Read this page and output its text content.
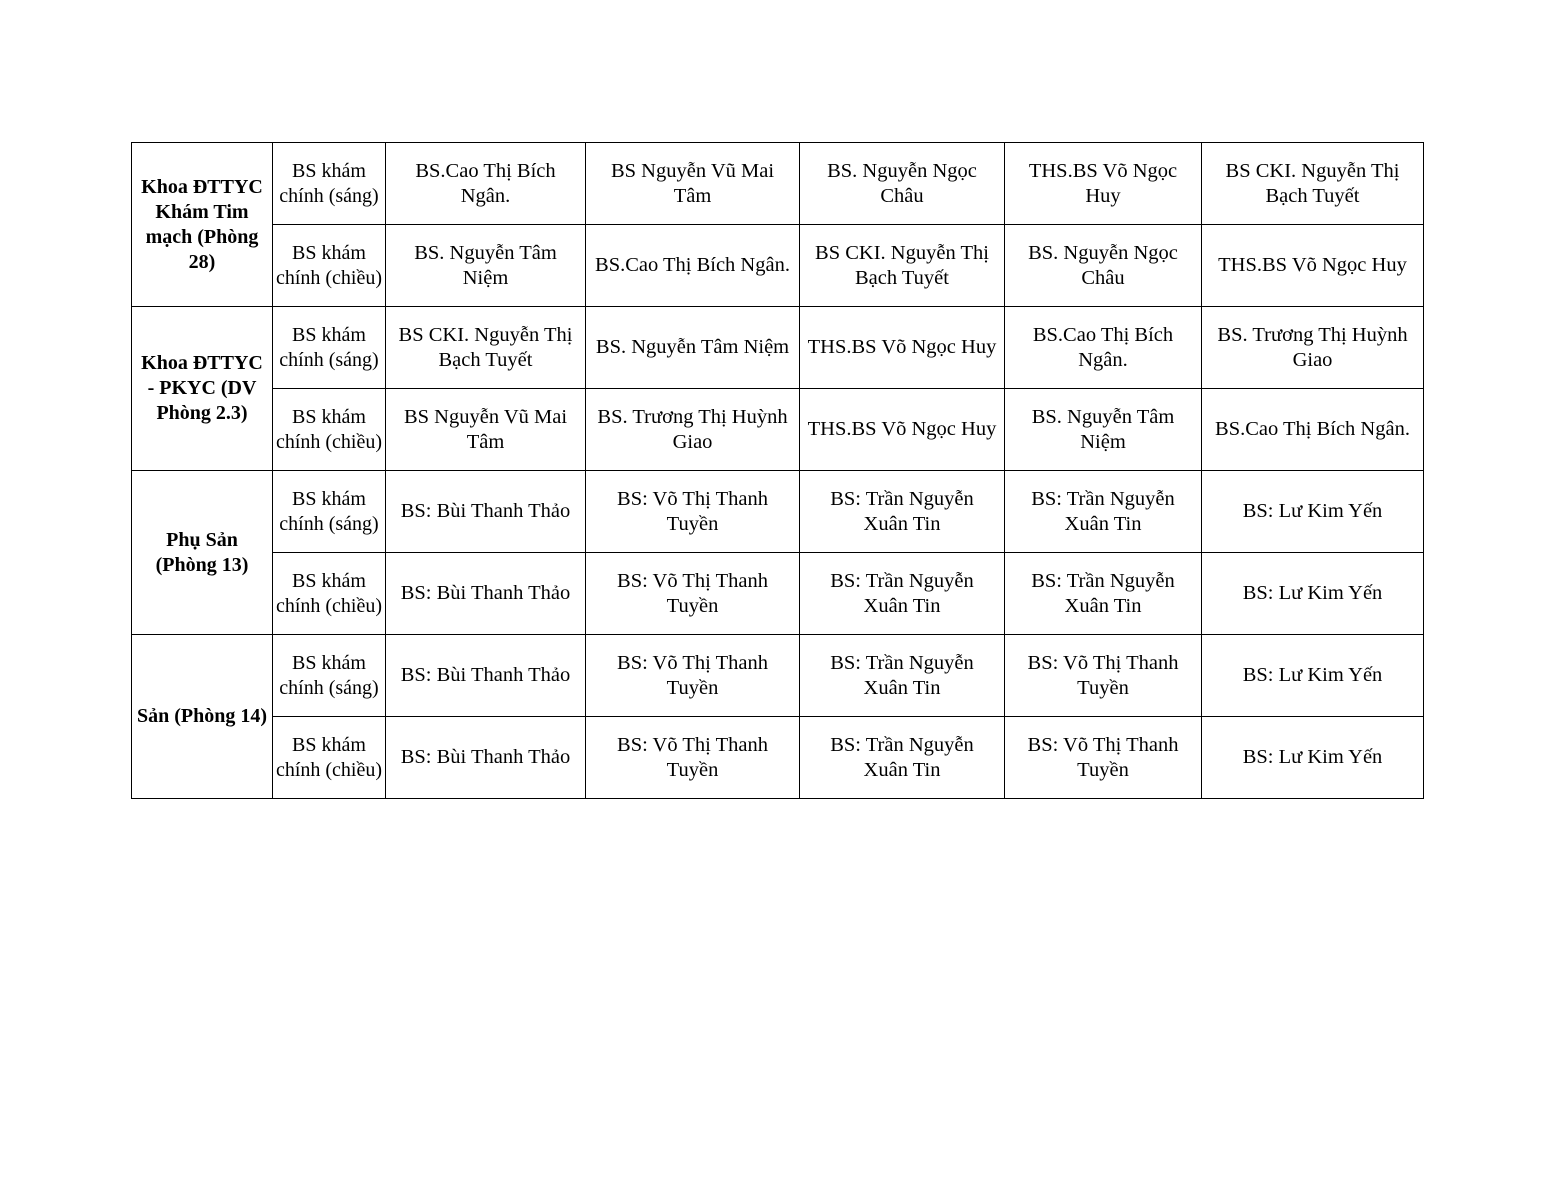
Khoa ĐTTYC Khám Tim mạch (Phòng 28)	BS khám chính (sáng)	BS.Cao Thị Bích Ngân.	BS Nguyễn Vũ Mai Tâm	BS. Nguyễn Ngọc Châu	THS.BS Võ Ngọc Huy	BS CKI. Nguyễn Thị Bạch Tuyết
	BS khám chính (chiều)	BS. Nguyễn Tâm Niệm	BS.Cao Thị Bích Ngân.	BS CKI. Nguyễn Thị Bạch Tuyết	BS. Nguyễn Ngọc Châu	THS.BS Võ Ngọc Huy
Khoa ĐTTYC - PKYC (DV Phòng 2.3)	BS khám chính (sáng)	BS CKI. Nguyễn Thị Bạch Tuyết	BS. Nguyễn Tâm Niệm	THS.BS Võ Ngọc Huy	BS.Cao Thị Bích Ngân.	BS. Trương Thị Huỳnh Giao
	BS khám chính (chiều)	BS Nguyễn Vũ Mai Tâm	BS. Trương Thị Huỳnh Giao	THS.BS Võ Ngọc Huy	BS. Nguyễn Tâm Niệm	BS.Cao Thị Bích Ngân.
Phụ Sản (Phòng 13)	BS khám chính (sáng)	BS: Bùi Thanh Thảo	BS: Võ Thị Thanh Tuyền	BS: Trần Nguyễn Xuân Tin	BS: Trần Nguyễn Xuân Tin	BS: Lư Kim Yến
	BS khám chính (chiều)	BS: Bùi Thanh Thảo	BS: Võ Thị Thanh Tuyền	BS: Trần Nguyễn Xuân Tin	BS: Trần Nguyễn Xuân Tin	BS: Lư Kim Yến
Sản (Phòng 14)	BS khám chính (sáng)	BS: Bùi Thanh Thảo	BS: Võ Thị Thanh Tuyền	BS: Trần Nguyễn Xuân Tin	BS: Võ Thị Thanh Tuyền	BS: Lư Kim Yến
	BS khám chính (chiều)	BS: Bùi Thanh Thảo	BS: Võ Thị Thanh Tuyền	BS: Trần Nguyễn Xuân Tin	BS: Võ Thị Thanh Tuyền	BS: Lư Kim Yến
